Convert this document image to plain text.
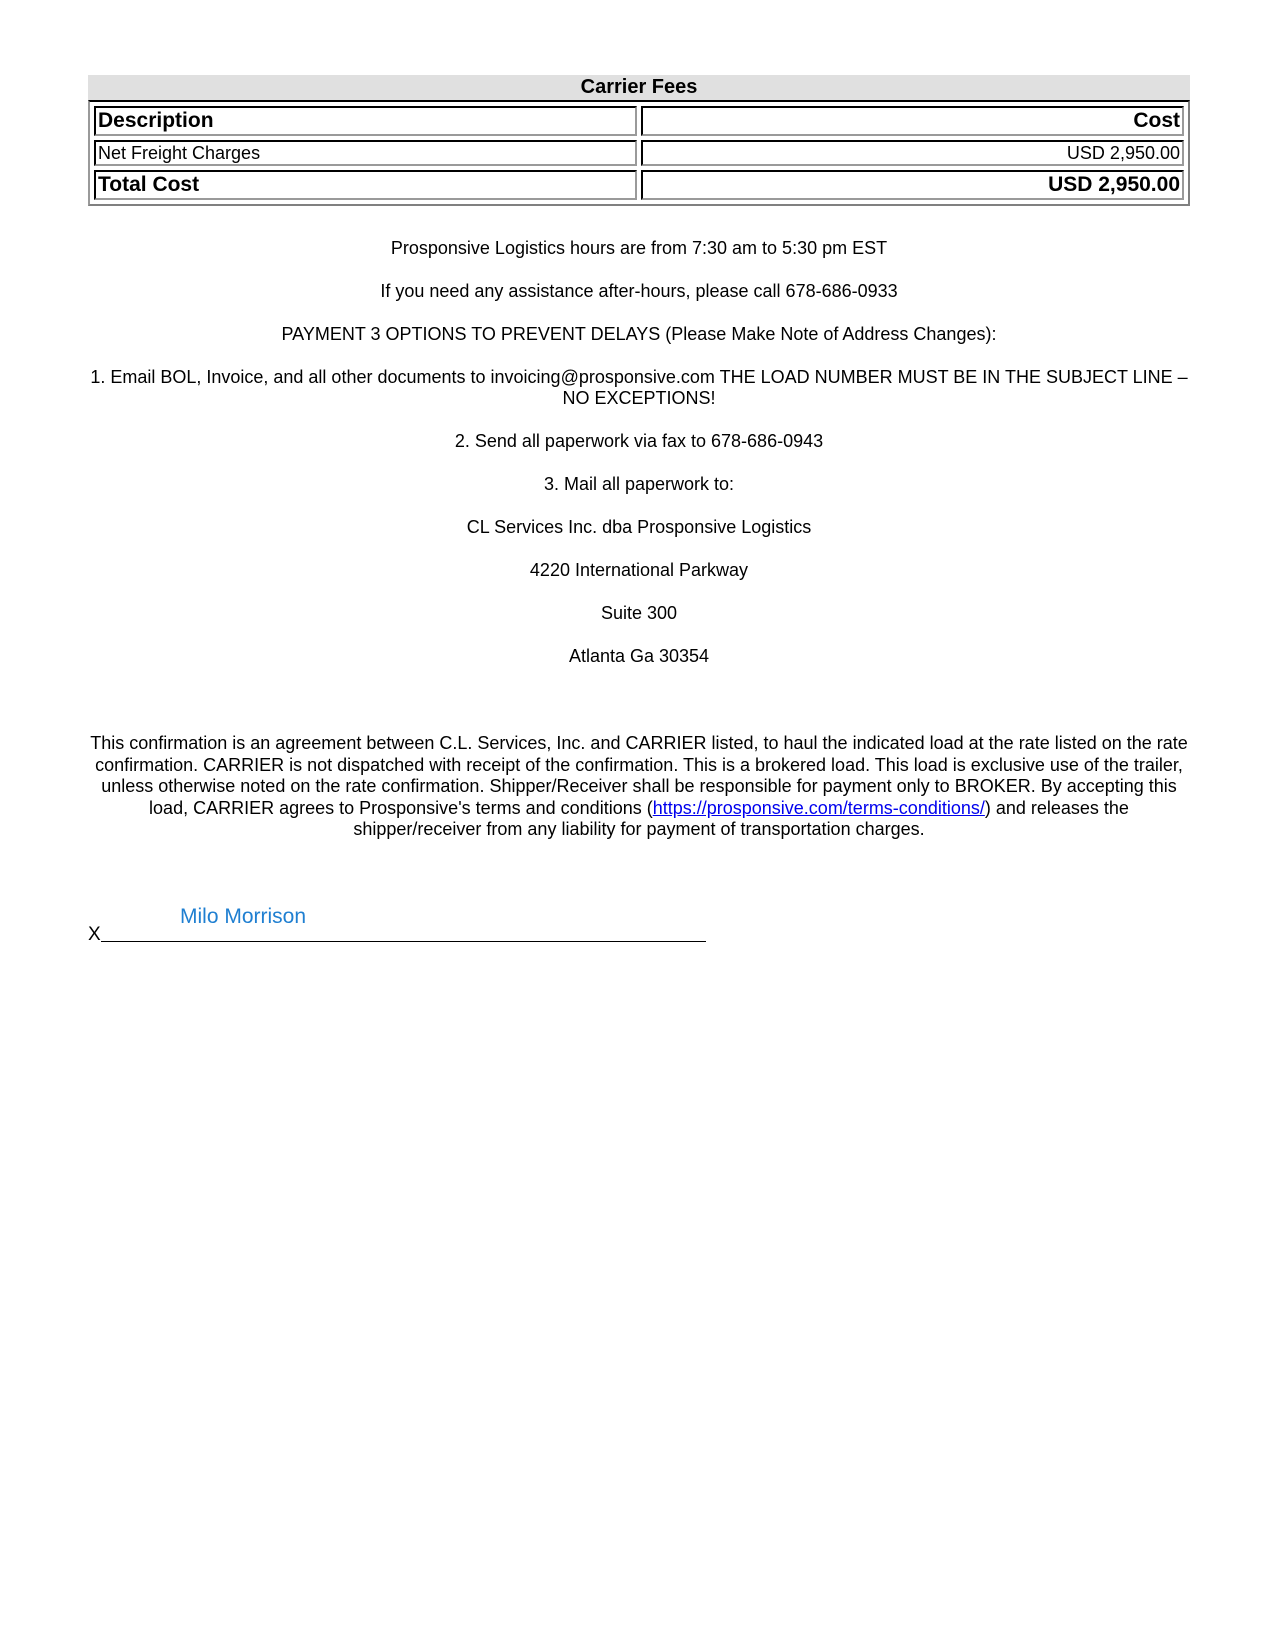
Carrier Fees
Description	Cost
Net Freight Charges	USD 2,950.00
Total Cost	USD 2,950.00

Prosponsive Logistics hours are from 7:30 am to 5:30 pm EST

If you need any assistance after-hours, please call 678-686-0933

PAYMENT 3 OPTIONS TO PREVENT DELAYS (Please Make Note of Address Changes):

1. Email BOL, Invoice, and all other documents to invoicing@prosponsive.com THE LOAD NUMBER MUST BE IN THE SUBJECT LINE – NO EXCEPTIONS!

2. Send all paperwork via fax to 678-686-0943

3. Mail all paperwork to:

CL Services Inc. dba Prosponsive Logistics

4220 International Parkway

Suite 300

Atlanta Ga 30354

This confirmation is an agreement between C.L. Services, Inc. and CARRIER listed, to haul the indicated load at the rate listed on the rate confirmation. CARRIER is not dispatched with receipt of the confirmation. This is a brokered load. This load is exclusive use of the trailer, unless otherwise noted on the rate confirmation. Shipper/Receiver shall be responsible for payment only to BROKER. By accepting this load, CARRIER agrees to Prosponsive's terms and conditions (https://prosponsive.com/terms-conditions/) and releases the shipper/receiver from any liability for payment of transportation charges.

X
Milo Morrison
